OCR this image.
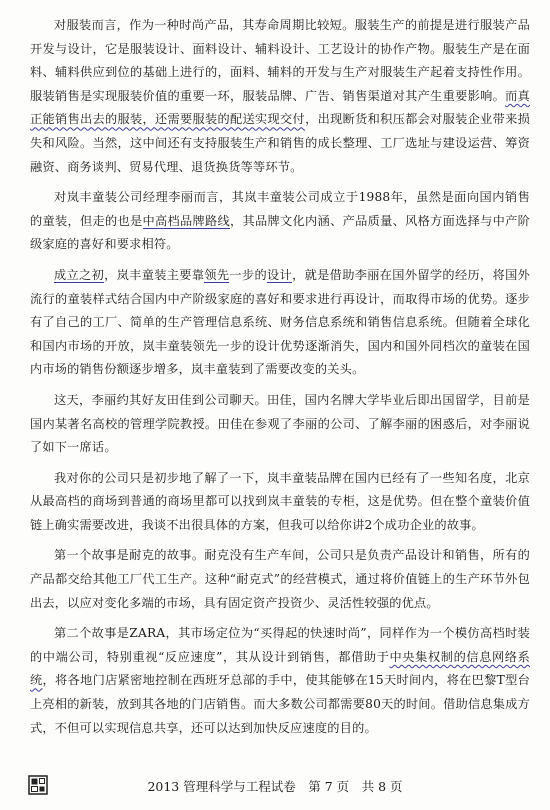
对服装而言，作为一种时尚产品，其寿命周期比较短。服装生产的前提是进行服装产品开发与设计，它是服装设计、面料设计、辅料设计、工艺设计的协作产物。服装生产是在面料、辅料供应到位的基础上进行的，面料、辅料的开发与生产对服装生产起着支持性作用。服装销售是实现服装价值的重要一环，服装品牌、广告、销售渠道对其产生重要影响。而真正能销售出去的服装，还需要服装的配送实现交付，出现断货和积压都会对服装企业带来损失和风险。当然，这中间还有支持服装生产和销售的成长整理、工厂选址与建设运营、筹资融资、商务谈判、贸易代理、退货换货等等环节。

对岚丰童装公司经理李丽而言，其岚丰童装公司成立于1988年，虽然是面向国内销售的童装，但走的也是中高档品牌路线，其品牌文化内涵、产品质量、风格方面选择与中产阶级家庭的喜好和要求相符。

成立之初，岚丰童装主要靠领先一步的设计，就是借助李丽在国外留学的经历，将国外流行的童装样式结合国内中产阶级家庭的喜好和要求进行再设计，而取得市场的优势。逐步有了自己的工厂、简单的生产管理信息系统、财务信息系统和销售信息系统。但随着全球化和国内市场的开放，岚丰童装领先一步的设计优势逐渐消失，国内和国外同档次的童装在国内市场的销售份额逐步增多，岚丰童装到了需要改变的关头。

这天，李丽约其好友田佳到公司聊天。田佳，国内名牌大学毕业后即出国留学，目前是国内某著名高校的管理学院教授。田佳在参观了李丽的公司、了解李丽的困惑后，对李丽说了如下一席话。

我对你的公司只是初步地了解了一下，岚丰童装品牌在国内已经有了一些知名度，北京从最高档的商场到普通的商场里都可以找到岚丰童装的专柜，这是优势。但在整个童装价值链上确实需要改进，我谈不出很具体的方案，但我可以给你讲2个成功企业的故事。

第一个故事是耐克的故事。耐克没有生产车间，公司只是负责产品设计和销售，所有的产品都交给其他工厂代工生产。这种“耐克式”的经营模式，通过将价值链上的生产环节外包出去，以应对变化多端的市场，具有固定资产投资少、灵活性较强的优点。

第二个故事是ZARA，其市场定位为“买得起的快速时尚”，同样作为一个模仿高档时装的中端公司，特别重视“反应速度”，其从设计到销售，都借助于中央集权制的信息网络系统，将各地门店紧密地控制在西班牙总部的手中，使其能够在15天时间内，将在巴黎T型台上亮相的新装，放到其各地的门店销售。而大多数公司都需要80天的时间。借助信息集成方式，不但可以实现信息共享，还可以达到加快反应速度的目的。

2013 管理科学与工程试卷　第 7 页　共 8 页
